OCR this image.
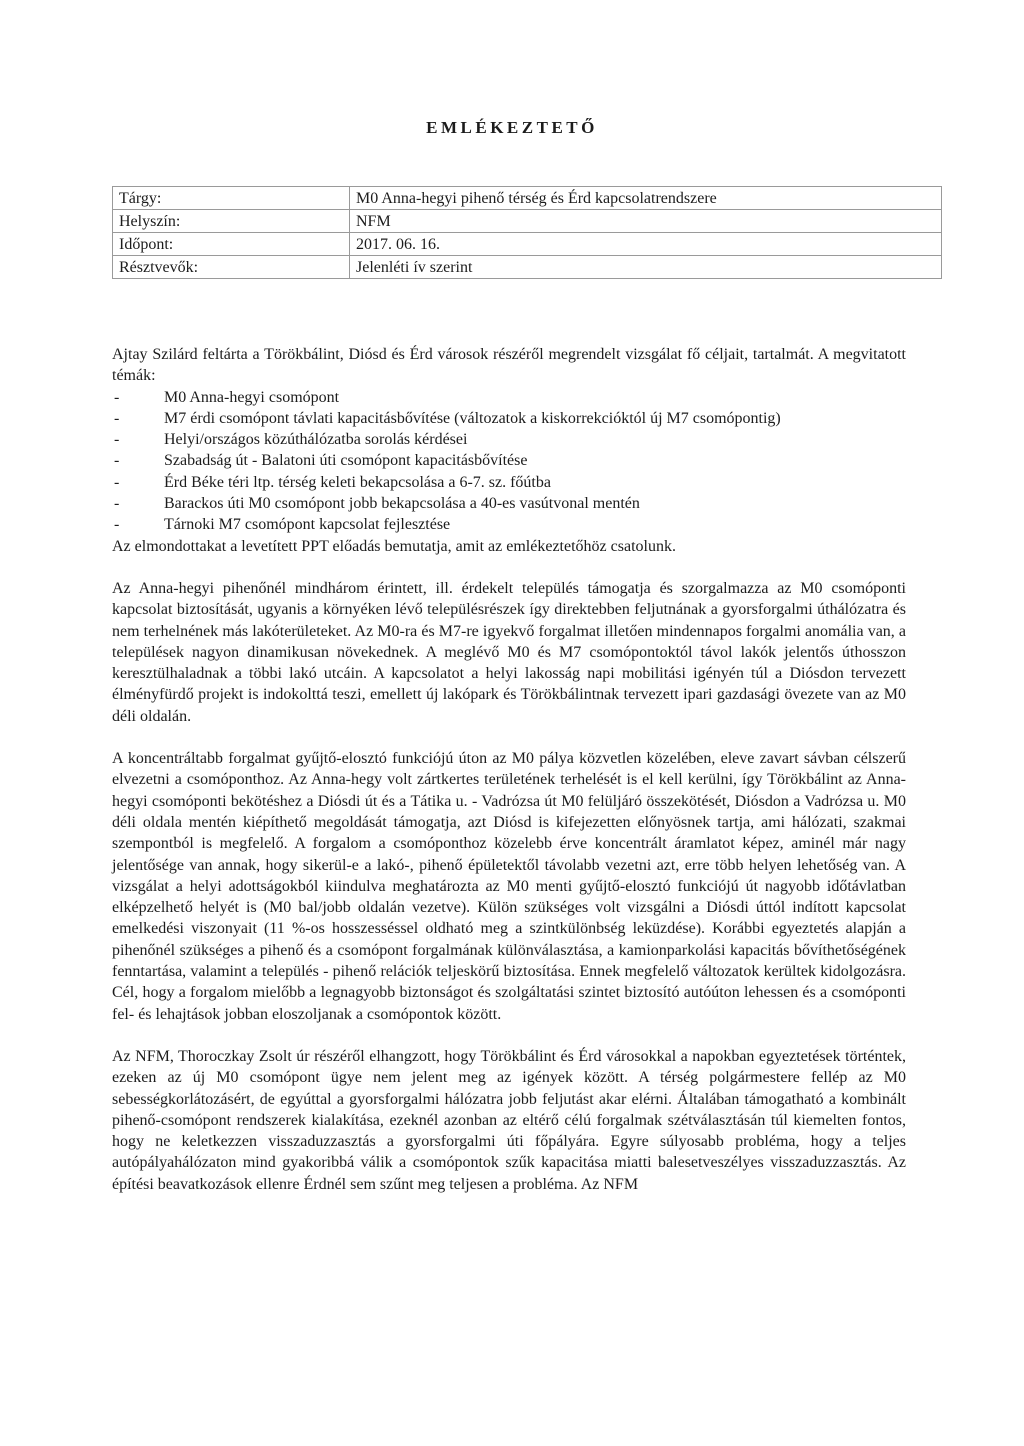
EMLÉKEZTETŐ
Tárgy:	M0 Anna-hegyi pihenő térség és Érd kapcsolatrendszere
Helyszín:	NFM
Időpont:	2017. 06. 16.
Résztvevők:	Jelenléti ív szerint

Ajtay Szilárd feltárta a Törökbálint, Diósd és Érd városok részéről megrendelt vizsgálat fő céljait, tartalmát. A megvitatott témák:

- M0 Anna-hegyi csomópont
- M7 érdi csomópont távlati kapacitásbővítése (változatok a kiskorrekcióktól új M7 csomópontig)
- Helyi/országos közúthálózatba sorolás kérdései
- Szabadság út - Balatoni úti csomópont kapacitásbővítése
- Érd Béke téri ltp. térség keleti bekapcsolása a 6-7. sz. főútba
- Barackos úti M0 csomópont jobb bekapcsolása a 40-es vasútvonal mentén
- Tárnoki M7 csomópont kapcsolat fejlesztése

Az elmondottakat a levetített PPT előadás bemutatja, amit az emlékeztetőhöz csatolunk.

Az Anna-hegyi pihenőnél mindhárom érintett, ill. érdekelt település támogatja és szorgalmazza az M0 csomóponti kapcsolat biztosítását, ugyanis a környéken lévő településrészek így direktebben feljutnának a gyorsforgalmi úthálózatra és nem terhelnének más lakóterületeket. Az M0-ra és M7-re igyekvő forgalmat illetően mindennapos forgalmi anomália van, a települések nagyon dinamikusan növekednek. A meglévő M0 és M7 csomópontoktól távol lakók jelentős úthosszon keresztülhaladnak a többi lakó utcáin. A kapcsolatot a helyi lakosság napi mobilitási igényén túl a Diósdon tervezett élményfürdő projekt is indokolttá teszi, emellett új lakópark és Törökbálintnak tervezett ipari gazdasági övezete van az M0 déli oldalán.

A koncentráltabb forgalmat gyűjtő-elosztó funkciójú úton az M0 pálya közvetlen közelében, eleve zavart sávban célszerű elvezetni a csomóponthoz. Az Anna-hegy volt zártkertes területének terhelését is el kell kerülni, így Törökbálint az Anna-hegyi csomóponti bekötéshez a Diósdi út és a Tátika u. - Vadrózsa út M0 felüljáró összekötését, Diósdon a Vadrózsa u. M0 déli oldala mentén kiépíthető megoldását támogatja, azt Diósd is kifejezetten előnyösnek tartja, ami hálózati, szakmai szempontból is megfelelő. A forgalom a csomóponthoz közelebb érve koncentrált áramlatot képez, aminél már nagy jelentősége van annak, hogy sikerül-e a lakó-, pihenő épületektől távolabb vezetni azt, erre több helyen lehetőség van. A vizsgálat a helyi adottságokból kiindulva meghatározta az M0 menti gyűjtő-elosztó funkciójú út nagyobb időtávlatban elképzelhető helyét is (M0 bal/jobb oldalán vezetve). Külön szükséges volt vizsgálni a Diósdi úttól indított kapcsolat emelkedési viszonyait (11 %-os hosszesséssel oldható meg a szintkülönbség leküzdése). Korábbi egyeztetés alapján a pihenőnél szükséges a pihenő és a csomópont forgalmának különválasztása, a kamionparkolási kapacitás bővíthetőségének fenntartása, valamint a település - pihenő relációk teljeskörű biztosítása. Ennek megfelelő változatok kerültek kidolgozásra. Cél, hogy a forgalom mielőbb a legnagyobb biztonságot és szolgáltatási szintet biztosító autóúton lehessen és a csomóponti fel- és lehajtások jobban eloszoljanak a csomópontok között.

Az NFM, Thoroczkay Zsolt úr részéről elhangzott, hogy Törökbálint és Érd városokkal a napokban egyeztetések történtek, ezeken az új M0 csomópont ügye nem jelent meg az igények között. A térség polgármestere fellép az M0 sebességkorlátozásért, de egyúttal a gyorsforgalmi hálózatra jobb feljutást akar elérni. Általában támogatható a kombinált pihenő-csomópont rendszerek kialakítása, ezeknél azonban az eltérő célú forgalmak szétválasztásán túl kiemelten fontos, hogy ne keletkezzen visszaduzzasztás a gyorsforgalmi úti főpályára. Egyre súlyosabb probléma, hogy a teljes autópályahálózaton mind gyakoribbá válik a csomópontok szűk kapacitása miatti balesetveszélyes visszaduzzasztás. Az építési beavatkozások ellenre Érdnél sem szűnt meg teljesen a probléma. Az NFM
